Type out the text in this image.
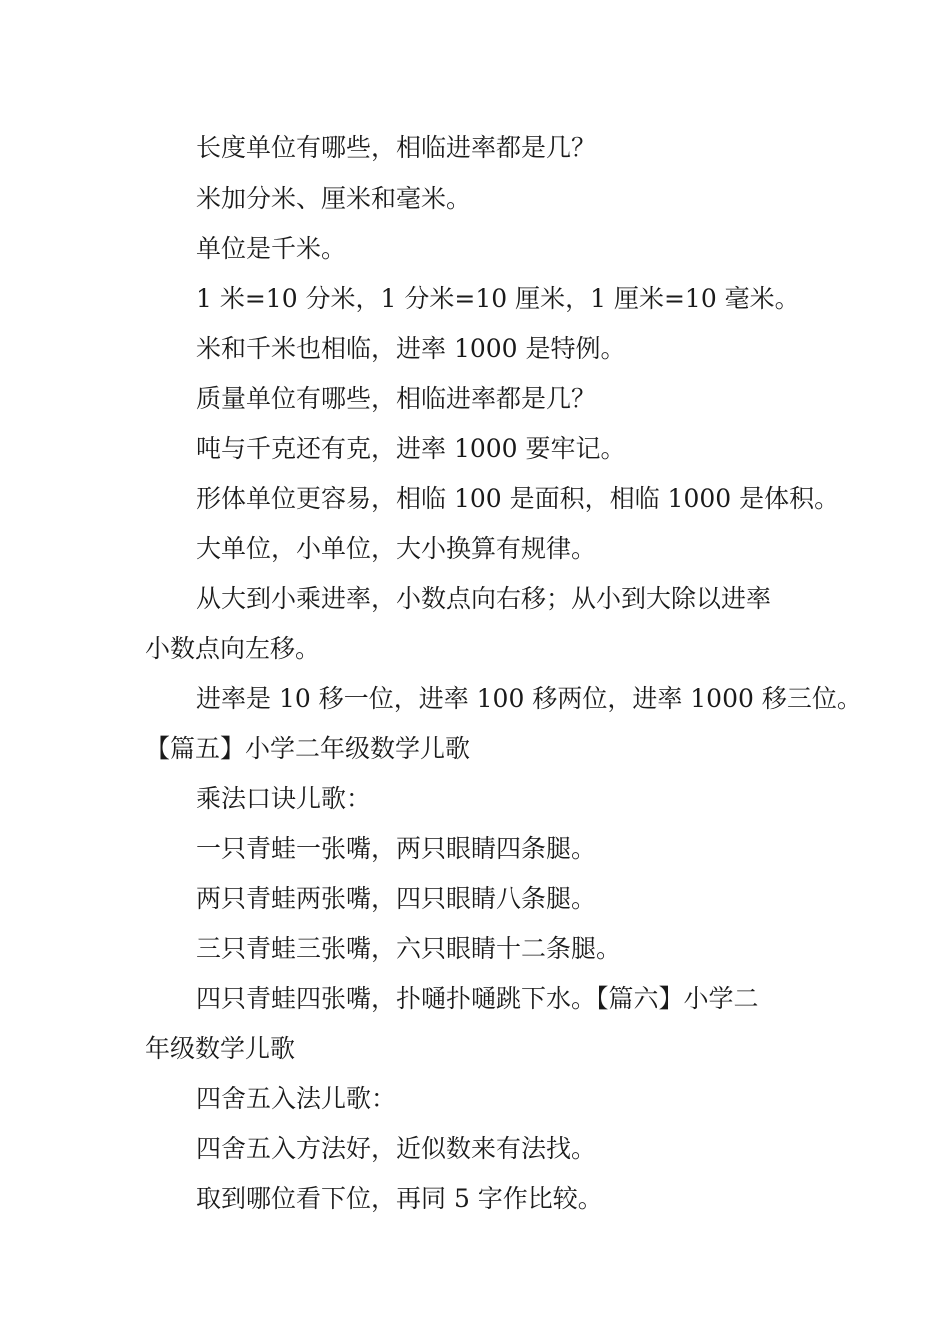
长度单位有哪些，相临进率都是几？
米加分米、厘米和毫米。
单位是千米。
1 米=10 分米，1 分米=10 厘米，1 厘米=10 毫米。
米和千米也相临，进率 1000 是特例。
质量单位有哪些，相临进率都是几？
吨与千克还有克，进率 1000 要牢记。
形体单位更容易，相临 100 是面积，相临 1000 是体积。
大单位，小单位，大小换算有规律。
从大到小乘进率，小数点向右移；从小到大除以进率
小数点向左移。
进率是 10 移一位，进率 100 移两位，进率 1000 移三位。
【篇五】小学二年级数学儿歌
乘法口诀儿歌：
一只青蛙一张嘴，两只眼睛四条腿。
两只青蛙两张嘴，四只眼睛八条腿。
三只青蛙三张嘴，六只眼睛十二条腿。
四只青蛙四张嘴，扑嗵扑嗵跳下水。【篇六】小学二
年级数学儿歌
四舍五入法儿歌：
四舍五入方法好，近似数来有法找。
取到哪位看下位，再同 5 字作比较。
